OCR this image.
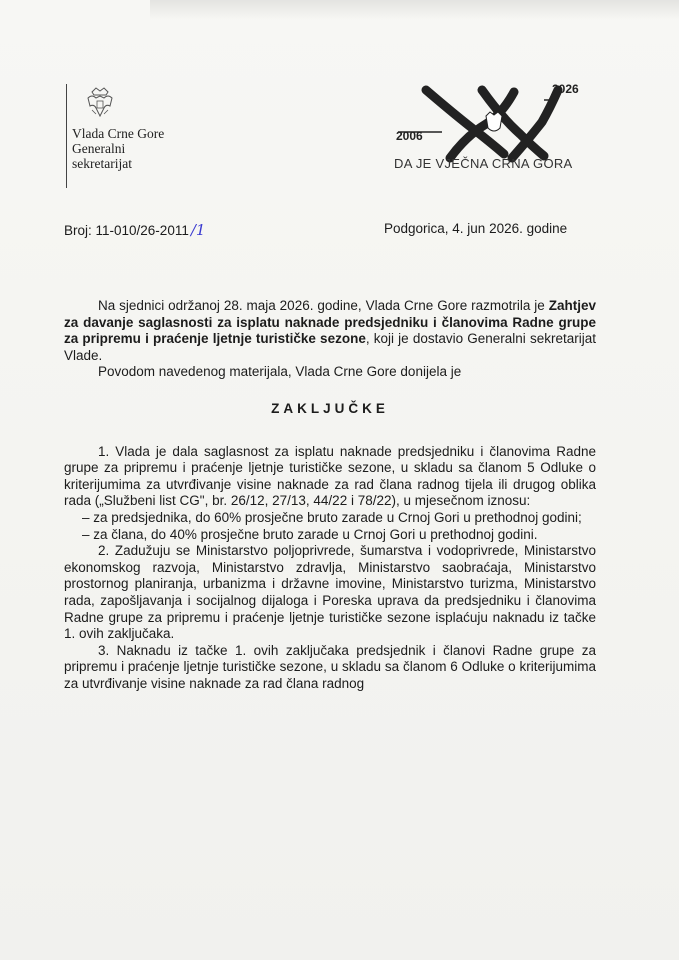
Vlada Crne Gore
Generalni
sekretarijat
2026
2006
DA JE VJEČNA CRNA GORA
Broj: 11-010/26-2011 /1	Podgorica, 4. jun 2026. godine

Na sjednici održanoj 28. maja 2026. godine, Vlada Crne Gore razmotrila je Zahtjev za davanje saglasnosti za isplatu naknade predsjedniku i članovima Radne grupe za pripremu i praćenje ljetnje turističke sezone, koji je dostavio Generalni sekretarijat Vlade.

Povodom navedenog materijala, Vlada Crne Gore donijela je

ZAKLJUČKE

1. Vlada je dala saglasnost za isplatu naknade predsjedniku i članovima Radne grupe za pripremu i praćenje ljetnje turističke sezone, u skladu sa članom 5 Odluke o kriterijumima za utvrđivanje visine naknade za rad člana radnog tijela ili drugog oblika rada („Službeni list CG", br. 26/12, 27/13, 44/22 i 78/22), u mjesečnom iznosu:

– za predsjednika, do 60% prosječne bruto zarade u Crnoj Gori u prethodnoj godini;

– za člana, do 40% prosječne bruto zarade u Crnoj Gori u prethodnoj godini.

2. Zadužuju se Ministarstvo poljoprivrede, šumarstva i vodoprivrede, Ministarstvo ekonomskog razvoja, Ministarstvo zdravlja, Ministarstvo saobraćaja, Ministarstvo prostornog planiranja, urbanizma i državne imovine, Ministarstvo turizma, Ministarstvo rada, zapošljavanja i socijalnog dijaloga i Poreska uprava da predsjedniku i članovima Radne grupe za pripremu i praćenje ljetnje turističke sezone isplaćuju naknadu iz tačke 1. ovih zaključaka.

3. Naknadu iz tačke 1. ovih zaključaka predsjednik i članovi Radne grupe za pripremu i praćenje ljetnje turističke sezone, u skladu sa članom 6 Odluke o kriterijumima za utvrđivanje visine naknade za rad člana radnog
